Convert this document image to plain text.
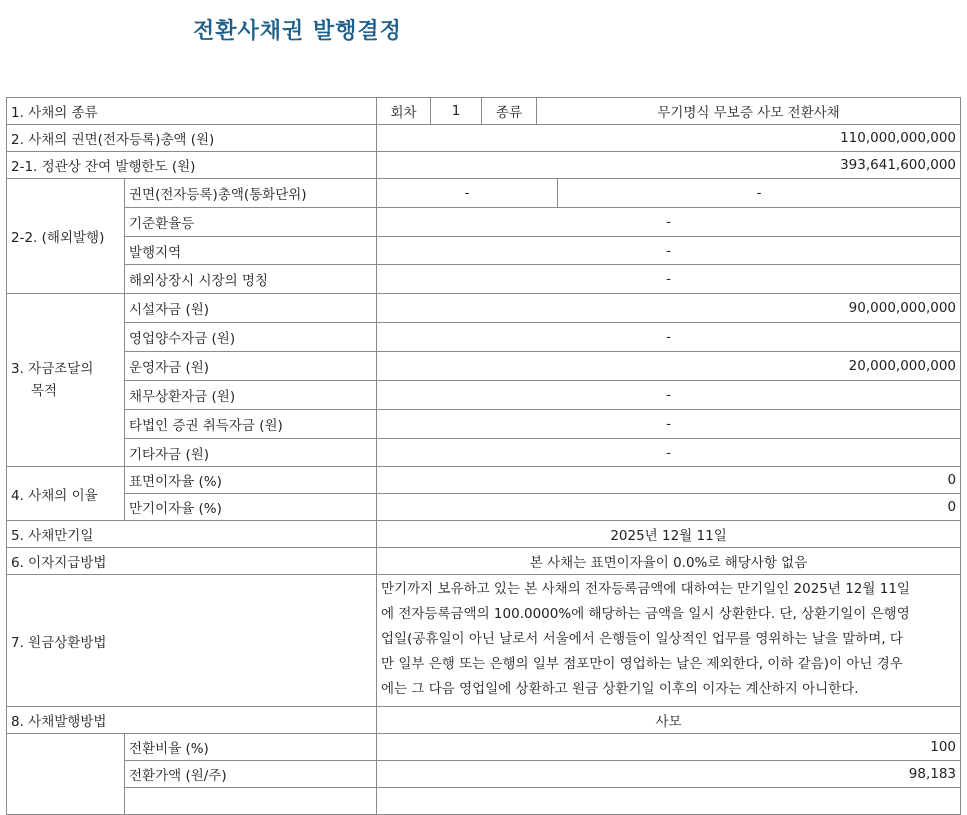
전환사채권 발행결정
1. 사채의 종류		회차	1	종류	무기명식 무보증 사모 전환사채	
2. 사채의 권면(전자등록)총액 (원)		110,000,000,000				
2-1. 정관상 잔여 발행한도 (원)		393,641,600,000				
2-2. (해외발행)	권면(전자등록)총액(통화단위)	-				-
	기준환율등	-				
	발행지역	-				
	해외상장시 시장의 명칭	-				

3. 자금조달의
목적	시설자금 (원)	90,000,000,000				
	영업양수자금 (원)	-				
	운영자금 (원)	20,000,000,000				
	채무상환자금 (원)	-				
	타법인 증권 취득자금 (원)	-				
	기타자금 (원)	-				
4. 사채의 이율	표면이자율 (%)	0				
	만기이자율 (%)	0				
5. 사채만기일		2025년 12월 11일				
6. 이자지급방법		본 사채는 표면이자율이 0.0%로 해당사항 없음				
7. 원금상환방법		만기까지 보유하고 있는 본 사채의 전자등록금액에 대하여는 만기일인 2025년 12월 11일
에 전자등록금액의 100.0000%에 해당하는 금액을 일시 상환한다. 단, 상환기일이 은행영
업일(공휴일이 아닌 날로서 서울에서 은행들이 일상적인 업무를 영위하는 날을 말하며, 다
만 일부 은행 또는 은행의 일부 점포만이 영업하는 날은 제외한다, 이하 같음)이 아닌 경우
에는 그 다음 영업일에 상환하고 원금 상환기일 이후의 이자는 계산하지 아니한다.				

8. 사채발행방법		사모				
	전환비율 (%)	100				
	전환가액 (원/주)	98,183				
